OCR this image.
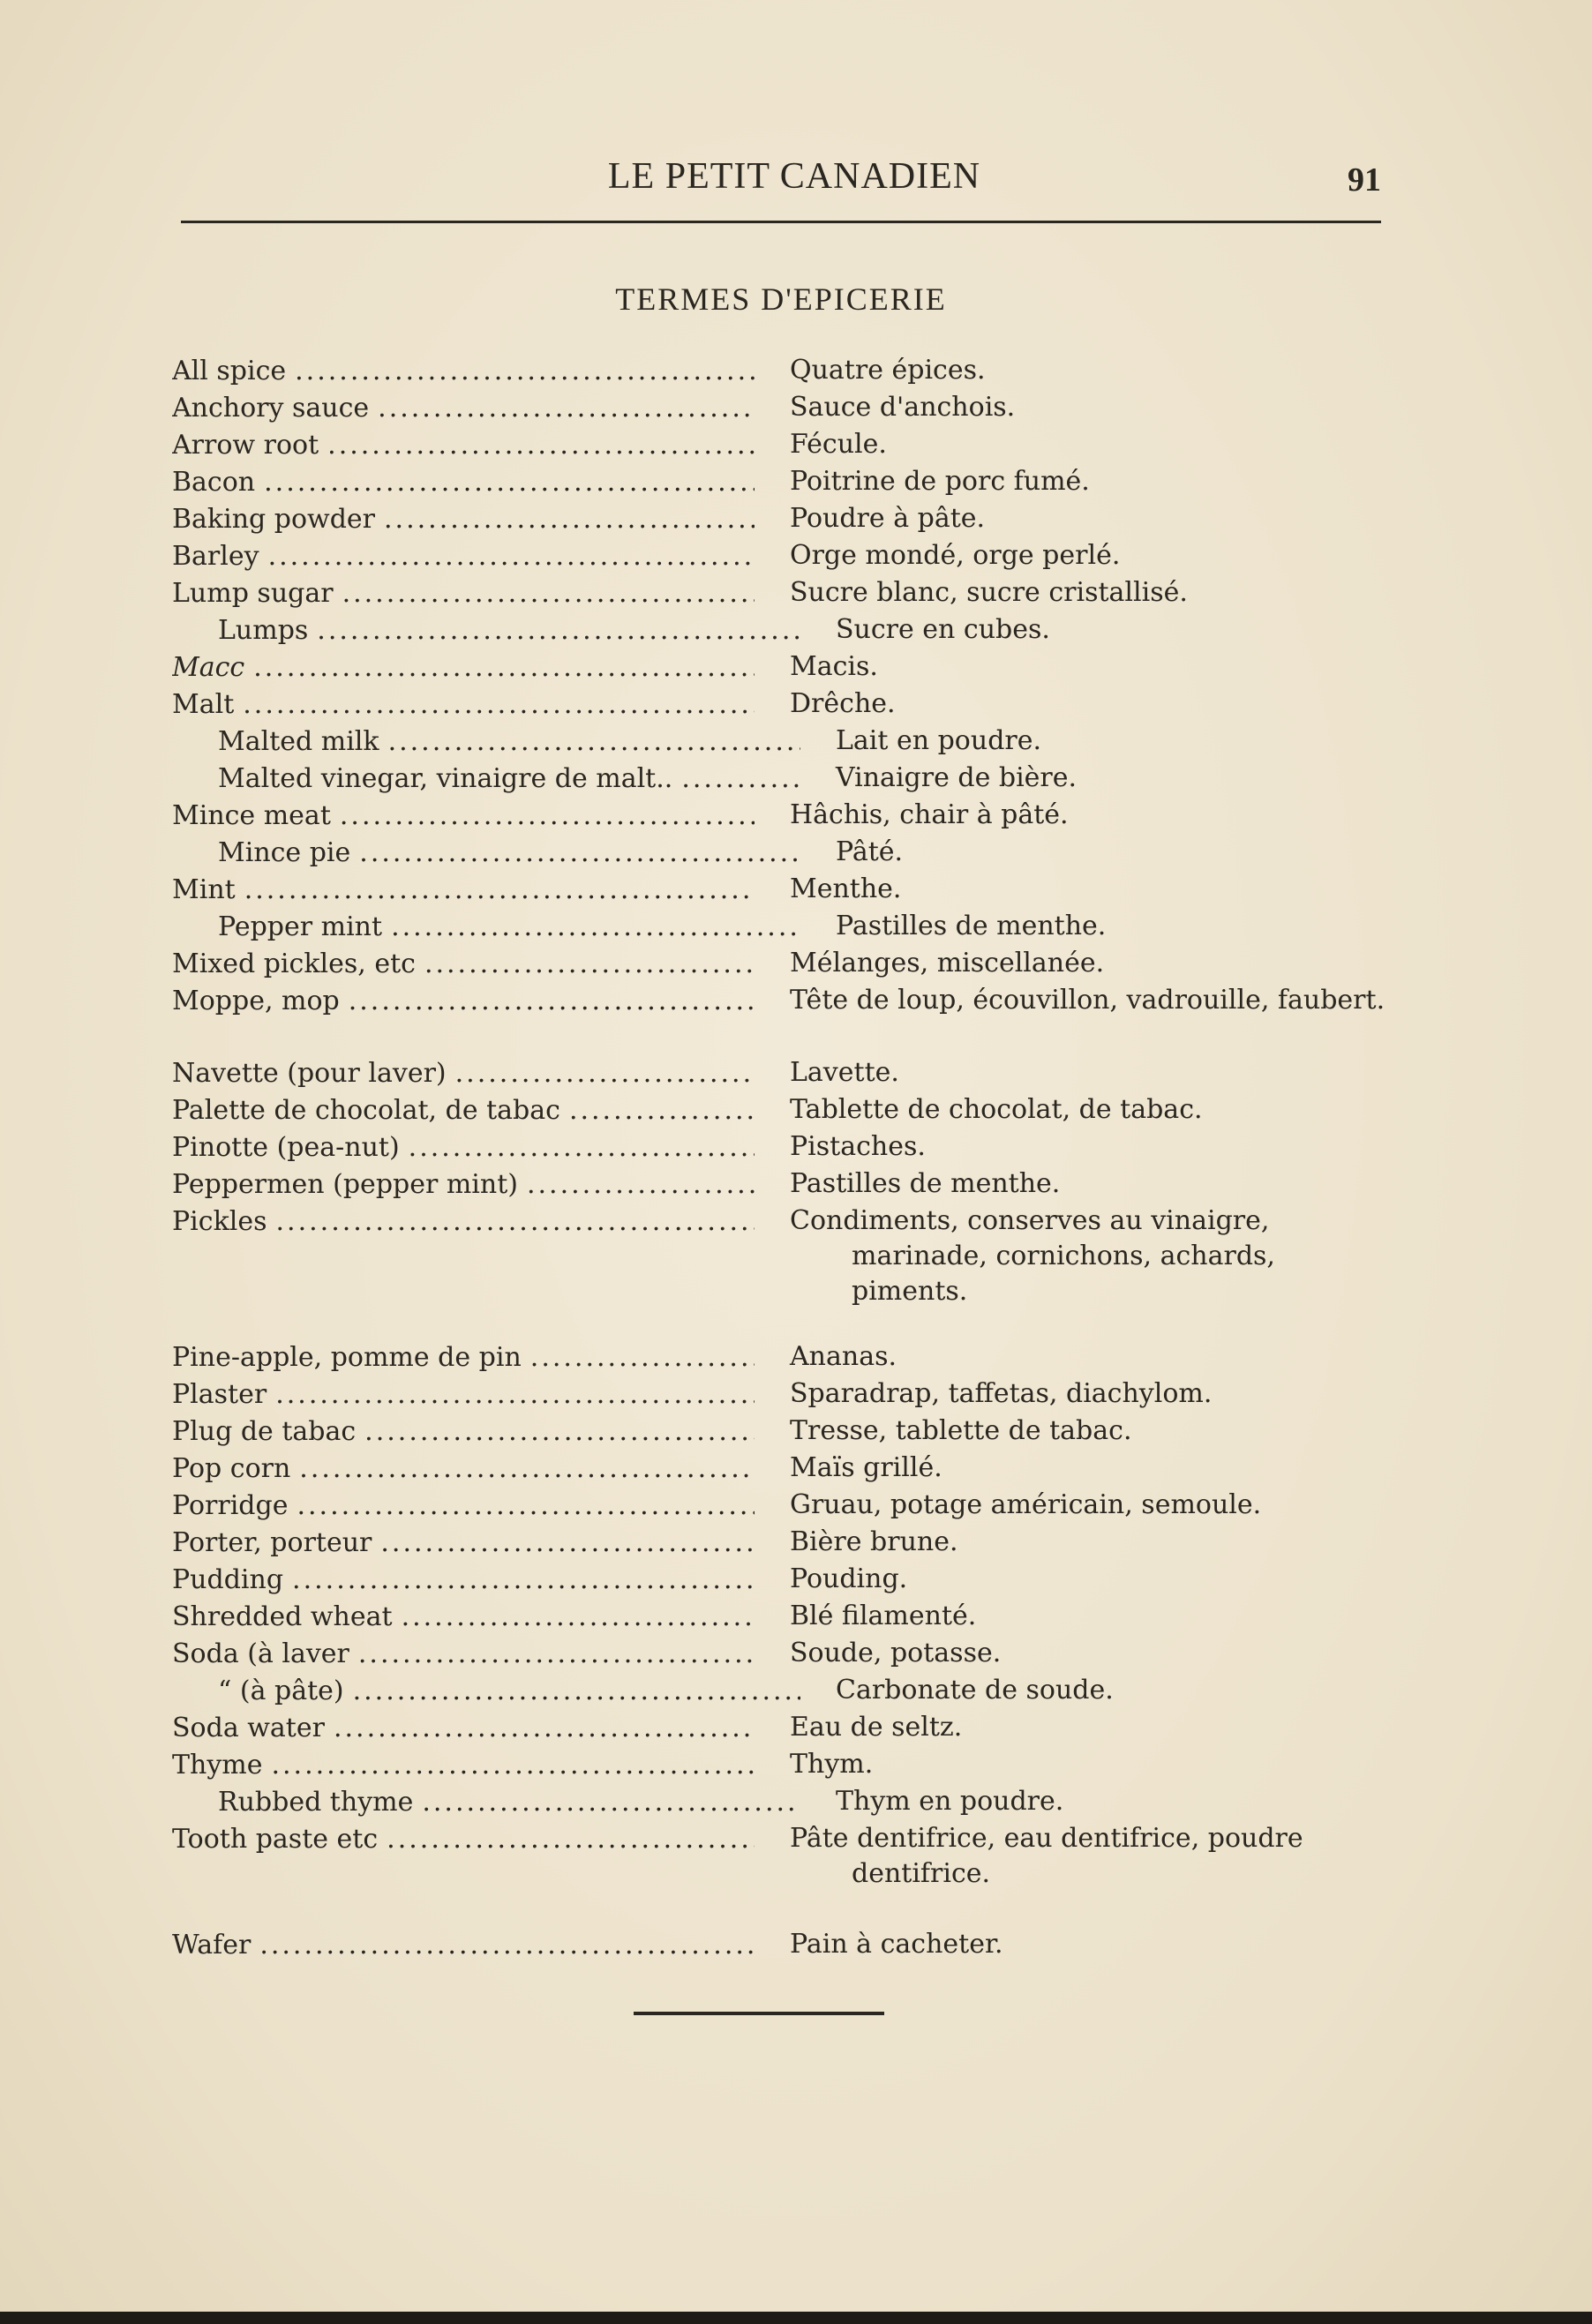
LE PETIT CANADIEN	91
TERMES D'EPICERIE
All spice .....	Quatre épices.
Anchory sauce .....	Sauce d'anchois.
Arrow root .....	Fécule.
Bacon .....	Poitrine de porc fumé.
Baking powder .....	Poudre à pâte.
Barley .....	Orge mondé, orge perlé.
Lump sugar .....	Sucre blanc, sucre cristallisé.
Lumps .....	Sucre en cubes.
Macc .....	Macis.
Malt .....	Drêche.
Malted milk .....	Lait en poudre.
Malted vinegar, vinaigre de malt.. .....	Vinaigre de bière.
Mince meat .....	Hâchis, chair à pâté.
Mince pie .....	Pâté.
Mint .....	Menthe.
Pepper mint .....	Pastilles de menthe.
Mixed pickles, etc .....	Mélanges, miscellanée.
Moppe, mop .....	Tête de loup, écouvillon, vadrouille, faubert.
Navette (pour laver) .....	Lavette.
Palette de chocolat, de tabac .....	Tablette de chocolat, de tabac.
Pinotte (pea-nut) .....	Pistaches.
Peppermen (pepper mint) .....	Pastilles de menthe.
Pickles .....	Condiments, conserves au vinaigre, marinade, cornichons, achards, piments.
Pine-apple, pomme de pin .....	Ananas.
Plaster .....	Sparadrap, taffetas, diachylom.
Plug de tabac .....	Tresse, tablette de tabac.
Pop corn .....	Maïs grillé.
Porridge .....	Gruau, potage américain, semoule.
Porter, porteur .....	Bière brune.
Pudding .....	Pouding.
Shredded wheat .....	Blé filamenté.
Soda (à laver .....	Soude, potasse.
“ (à pâte) .....	Carbonate de soude.
Soda water .....	Eau de seltz.
Thyme .....	Thym.
Rubbed thyme .....	Thym en poudre.
Tooth paste etc .....	Pâte dentifrice, eau dentifrice, poudre dentifrice.
Wafer .....	Pain à cacheter.
